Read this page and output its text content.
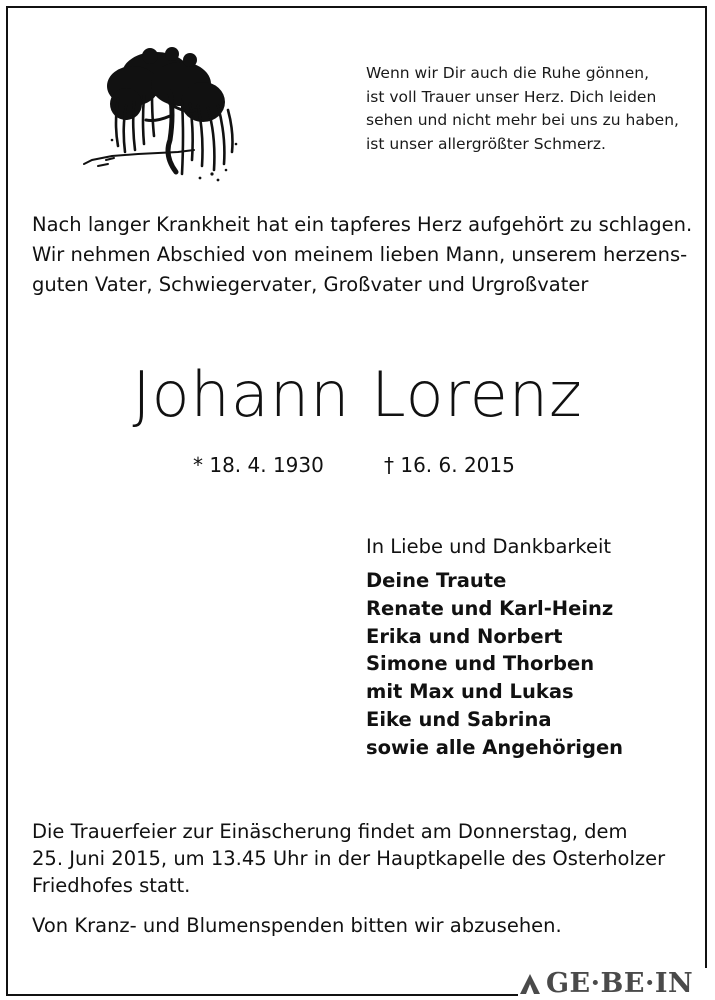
Wenn wir Dir auch die Ruhe gönnen,
ist voll Trauer unser Herz. Dich leiden
sehen und nicht mehr bei uns zu haben,
ist unser allergrößter Schmerz.
Nach langer Krankheit hat ein tapferes Herz aufgehört zu schlagen.
Wir nehmen Abschied von meinem lieben Mann, unserem herzens-
guten Vater, Schwiegervater, Großvater und Urgroßvater
Johann Lorenz
* 18. 4. 1930	† 16. 6. 2015
In Liebe und Dankbarkeit
Deine Traute
Renate und Karl-Heinz
Erika und Norbert
Simone und Thorben
mit Max und Lukas
Eike und Sabrina
sowie alle Angehörigen
Die Trauerfeier zur Einäscherung findet am Donnerstag, dem
25. Juni 2015, um 13.45 Uhr in der Hauptkapelle des Osterholzer
Friedhofes statt.
Von Kranz- und Blumenspenden bitten wir abzusehen.
GE·BE·IN
